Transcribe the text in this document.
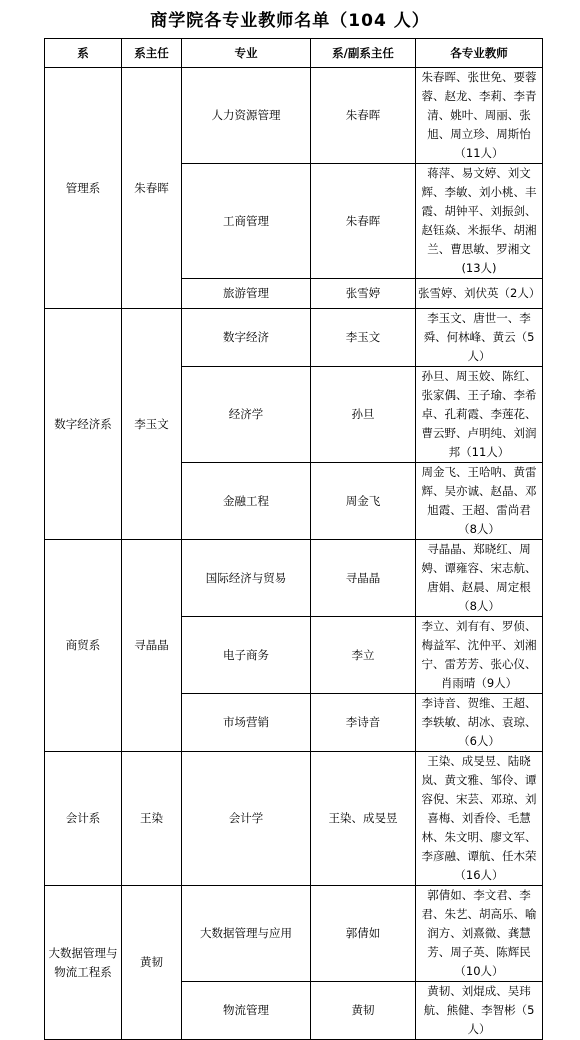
商学院各专业教师名单（104 人）
系	系主任	专业	系/副系主任	各专业教师
管理系	朱春晖	人力资源管理	朱春晖	朱春晖、张世免、要蓉蓉、赵龙、李莉、李青清、姚叶、周丽、张旭、周立珍、周斯怡（11人）
		工商管理	朱春晖	蒋萍、易文婷、刘文辉、李敏、刘小桃、丰霞、胡钟平、刘振剑、赵钰焱、米振华、胡湘兰、曹思敏、罗湘文(13人)
		旅游管理	张雪婷	张雪婷、刘伏英（2人）
数字经济系	李玉文	数字经济	李玉文	李玉文、唐世一、李舜、何林峰、黄云（5人）
		经济学	孙旦	孙旦、周玉姣、陈红、张家偶、王子瑜、李希卓、孔莉霞、李莲花、曹云野、卢明纯、刘润邦（11人）
		金融工程	周金飞	周金飞、王哈呐、黄雷辉、吴亦诚、赵晶、邓旭霞、王超、雷尚君（8人）
商贸系	寻晶晶	国际经济与贸易	寻晶晶	寻晶晶、郑晓红、周娉、谭雍容、宋志航、唐娟、赵晨、周定根（8人）
		电子商务	李立	李立、刘有有、罗侦、梅益军、沈仲平、刘湘宁、雷芳芳、张心仪、肖雨晴（9人）
		市场营销	李诗音	李诗音、贺维、王超、李轶敏、胡冰、袁琼、（6人）
会计系	王染	会计学	王染、成旻昱	王染、成旻昱、陆晓岚、黄文雅、邹伶、谭容倪、宋芸、邓琼、刘喜梅、刘香伶、毛慧林、朱文明、廖文军、李彦融、谭航、任木荣（16人）
大数据管理与物流工程系	黄韧	大数据管理与应用	郭倩如	郭倩如、李文君、李君、朱艺、胡高乐、喻润方、刘熹微、龚慧芳、周子英、陈辉民（10人）
		物流管理	黄韧	黄韧、刘焜成、吴玮航、熊健、李智彬（5人）
